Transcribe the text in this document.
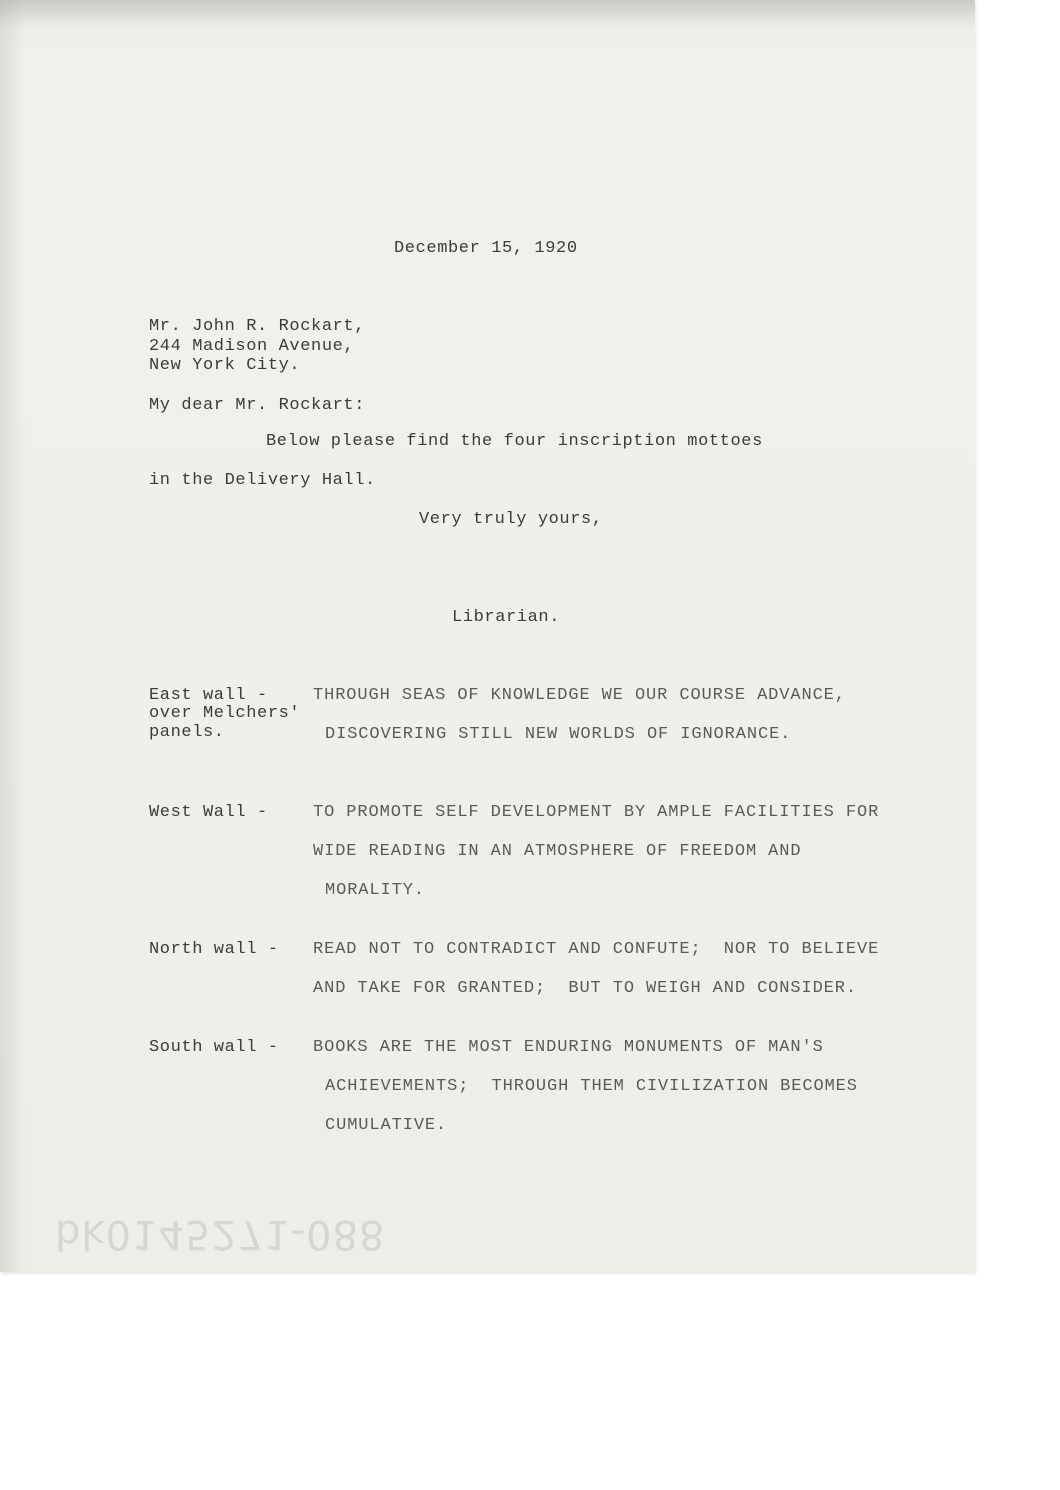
December 15, 1920
Mr. John R. Rockart,
244 Madison Avenue,
New York City.
My dear Mr. Rockart:
Below please find the four inscription mottoes
in the Delivery Hall.
Very truly yours,
Librarian.
East wall -
over Melchers'
panels.
THROUGH SEAS OF KNOWLEDGE WE OUR COURSE ADVANCE,
DISCOVERING STILL NEW WORLDS OF IGNORANCE.
West Wall -	TO PROMOTE SELF DEVELOPMENT BY AMPLE FACILITIES FOR
WIDE READING IN AN ATMOSPHERE OF FREEDOM AND
MORALITY.
North wall - READ NOT TO CONTRADICT AND CONFUTE;  NOR TO BELIEVE
AND TAKE FOR GRANTED;  BUT TO WEIGH AND CONSIDER.
South wall - BOOKS ARE THE MOST ENDURING MONUMENTS OF MAN'S
ACHIEVEMENTS;  THROUGH THEM CIVILIZATION BECOMES
CUMULATIVE.
bk0145271-088
